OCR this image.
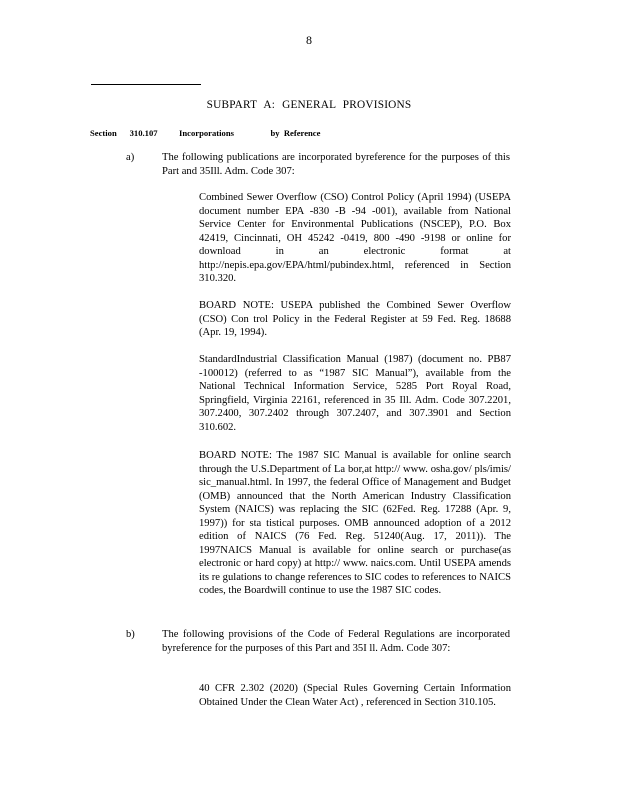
8
SUBPART A: GENERAL PROVISIONS
Section      310.107          Incorporations                 by  Reference
a)	The following publications are incorporated byreference for the purposes of this Part and 35Ill. Adm. Code 307:
Combined Sewer Overflow (CSO) Control Policy (April 1994) (USEPA document number EPA -830 -B -94 -001), available from National Service Center for Environmental Publications (NSCEP), P.O. Box 42419, Cincinnati, OH 45242 -0419, 800 -490 -9198 or online for download in an electronic format at http://nepis.epa.gov/EPA/html/pubindex.html, referenced in Section 310.320.
BOARD NOTE: USEPA published the Combined Sewer Overflow (CSO) Con trol Policy in the Federal Register at 59 Fed. Reg. 18688 (Apr. 19, 1994).
StandardIndustrial Classification Manual (1987) (document no. PB87 -100012) (referred to as “1987 SIC Manual”), available from the National Technical Information Service, 5285 Port Royal Road, Springfield, Virginia 22161, referenced in 35 Ill. Adm. Code 307.2201, 307.2400, 307.2402 through 307.2407, and 307.3901 and Section 310.602.
BOARD NOTE: The 1987 SIC Manual is available for online search through the U.S.Department of La bor,at http:// www. osha.gov/ pls/imis/ sic_manual.html. In 1997, the federal Office of Management and Budget (OMB) announced that the North American Industry Classification System (NAICS) was replacing the SIC (62Fed. Reg. 17288 (Apr. 9, 1997)) for sta tistical purposes. OMB announced adoption of a 2012 edition of NAICS (76 Fed. Reg. 51240(Aug. 17, 2011)). The 1997NAICS Manual is available for online search or purchase(as electronic or hard copy) at http:// www. naics.com. Until USEPA amends its re gulations to change references to SIC codes to references to NAICS codes, the Boardwill continue to use the 1987 SIC codes.
b)	The following provisions of the Code of Federal Regulations are incorporated byreference for the purposes of this Part and 35I ll. Adm. Code 307:
40 CFR 2.302 (2020) (Special Rules Governing Certain Information Obtained Under the Clean Water Act) , referenced in Section 310.105.
